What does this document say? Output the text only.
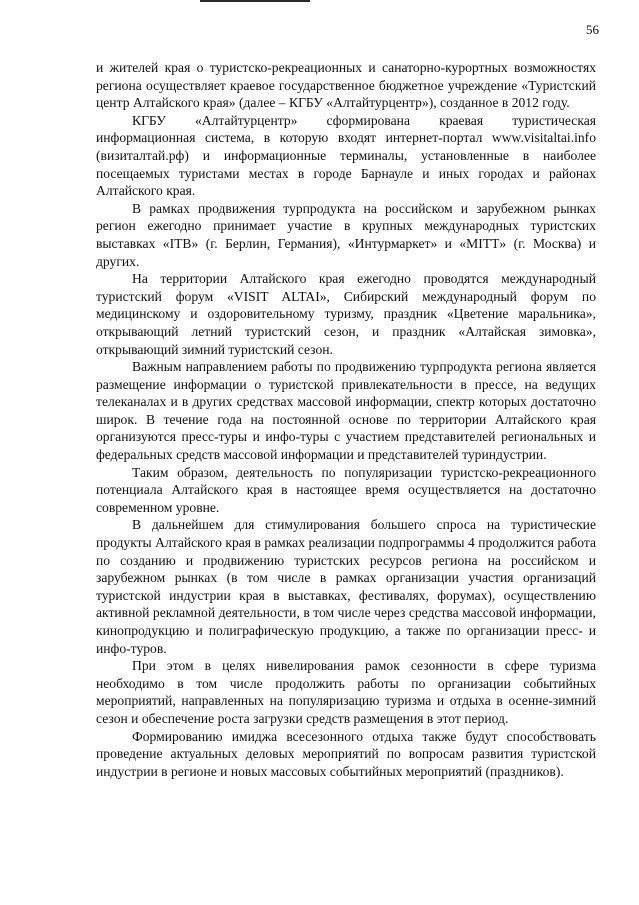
56

и жителей края о туристско-рекреационных и санаторно-курортных возможностях региона осуществляет краевое государственное бюджетное учреждение «Туристский центр Алтайского края» (далее – КГБУ «Алтайтурцентр»), созданное в 2012 году.

КГБУ «Алтайтурцентр» сформирована краевая туристическая информационная система, в которую входят интернет-портал www.visitaltai.info (визиталтай.рф) и информационные терминалы, установленные в наиболее посещаемых туристами местах в городе Барнауле и иных городах и районах Алтайского края.

В рамках продвижения турпродукта на российском и зарубежном рынках регион ежегодно принимает участие в крупных международных туристских выставках «ITB» (г. Берлин, Германия), «Интурмаркет» и «MITT» (г. Москва) и других.

На территории Алтайского края ежегодно проводятся международный туристский форум «VISIT ALTAI», Сибирский международный форум по медицинскому и оздоровительному туризму, праздник «Цветение маральника», открывающий летний туристский сезон, и праздник «Алтайская зимовка», открывающий зимний туристский сезон.

Важным направлением работы по продвижению турпродукта региона является размещение информации о туристской привлекательности в прессе, на ведущих телеканалах и в других средствах массовой информации, спектр которых достаточно широк. В течение года на постоянной основе по территории Алтайского края организуются пресс-туры и инфо-туры с участием представителей региональных и федеральных средств массовой информации и представителей туриндустрии.

Таким образом, деятельность по популяризации туристско-рекреационного потенциала Алтайского края в настоящее время осуществляется на достаточно современном уровне.

В дальнейшем для стимулирования большего спроса на туристические продукты Алтайского края в рамках реализации подпрограммы 4 продолжится работа по созданию и продвижению туристских ресурсов региона на российском и зарубежном рынках (в том числе в рамках организации участия организаций туристской индустрии края в выставках, фестивалях, форумах), осуществлению активной рекламной деятельности, в том числе через средства массовой информации, кинопродукцию и полиграфическую продукцию, а также по организации пресс- и инфо-туров.

При этом в целях нивелирования рамок сезонности в сфере туризма необходимо в том числе продолжить работы по организации событийных мероприятий, направленных на популяризацию туризма и отдыха в осенне-зимний сезон и обеспечение роста загрузки средств размещения в этот период.

Формированию имиджа всесезонного отдыха также будут способствовать проведение актуальных деловых мероприятий по вопросам развития туристской индустрии в регионе и новых массовых событийных мероприятий (праздников).
